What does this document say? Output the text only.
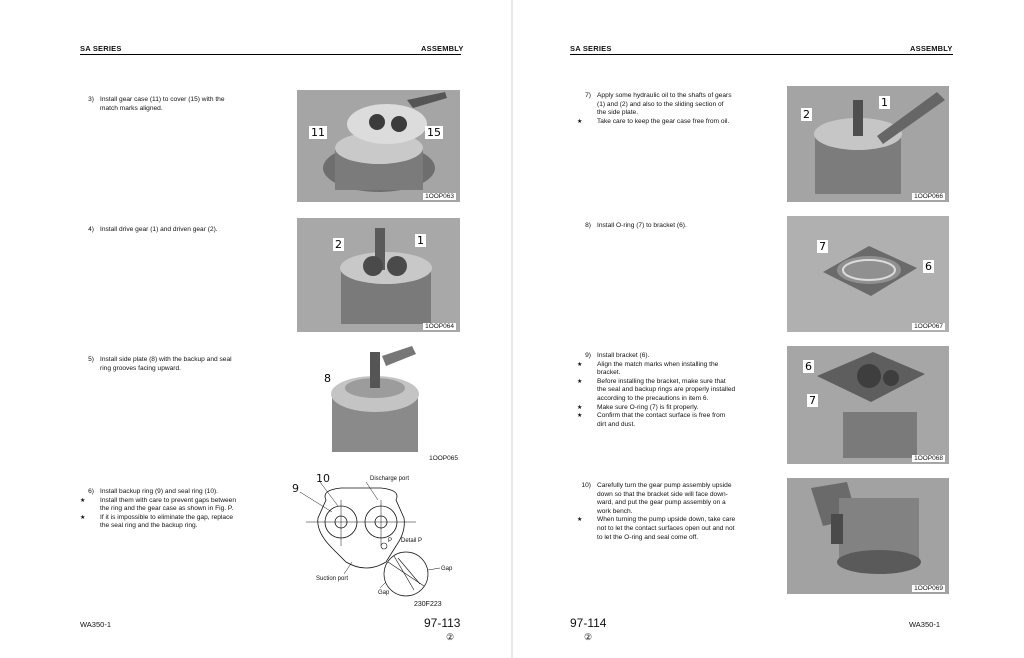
SA SERIES	ASSEMBLY
3) Install gear case (11) to cover (15) with the
match marks aligned.
11	15
1OOP063
4) Install drive gear (1) and driven gear (2).
2	1
1OOP064
5) Install side plate (8) with the backup and seal
ring grooves facing upward.
8
1OOP065
6) Install backup ring (9) and seal ring (10).
★ Install them with care to prevent gaps between
the ring and the gear case as shown in Fig. P.
★ If it is impossible to eliminate the gap, replace
the seal ring and the backup ring.
9
10	Discharge port
P Detail P
Gap
Suction port
Gap
230F223
WA350-1	97-113
②
SA SERIES	ASSEMBLY
7) Apply some hydraulic oil to the shafts of gears
(1) and (2) and also to the sliding section of
the side plate.
★ Take care to keep the gear case free from oil.
2
1
1OOP066
8) Install O-ring (7) to bracket (6).
7
6
1OOP067
9) Install bracket (6).
★ Align the match marks when installing the
bracket.
★ Before installing the bracket, make sure that
the seal and backup rings are properly installed
according to the precautions in item 6.
★ Make sure O-ring (7) is fit properly.
★ Confirm that the contact surface is free from
dirt and dust.
6
7
1OOP068
10) Carefully turn the gear pump assembly upside
down so that the bracket side will face down-
ward, and put the gear pump assembly on a
work bench.
★ When turning the pump upside down, take care
not to let the contact surfaces open out and not
to let the O-ring and seal come off.
1OOP069
97-114
②
WA350-1
